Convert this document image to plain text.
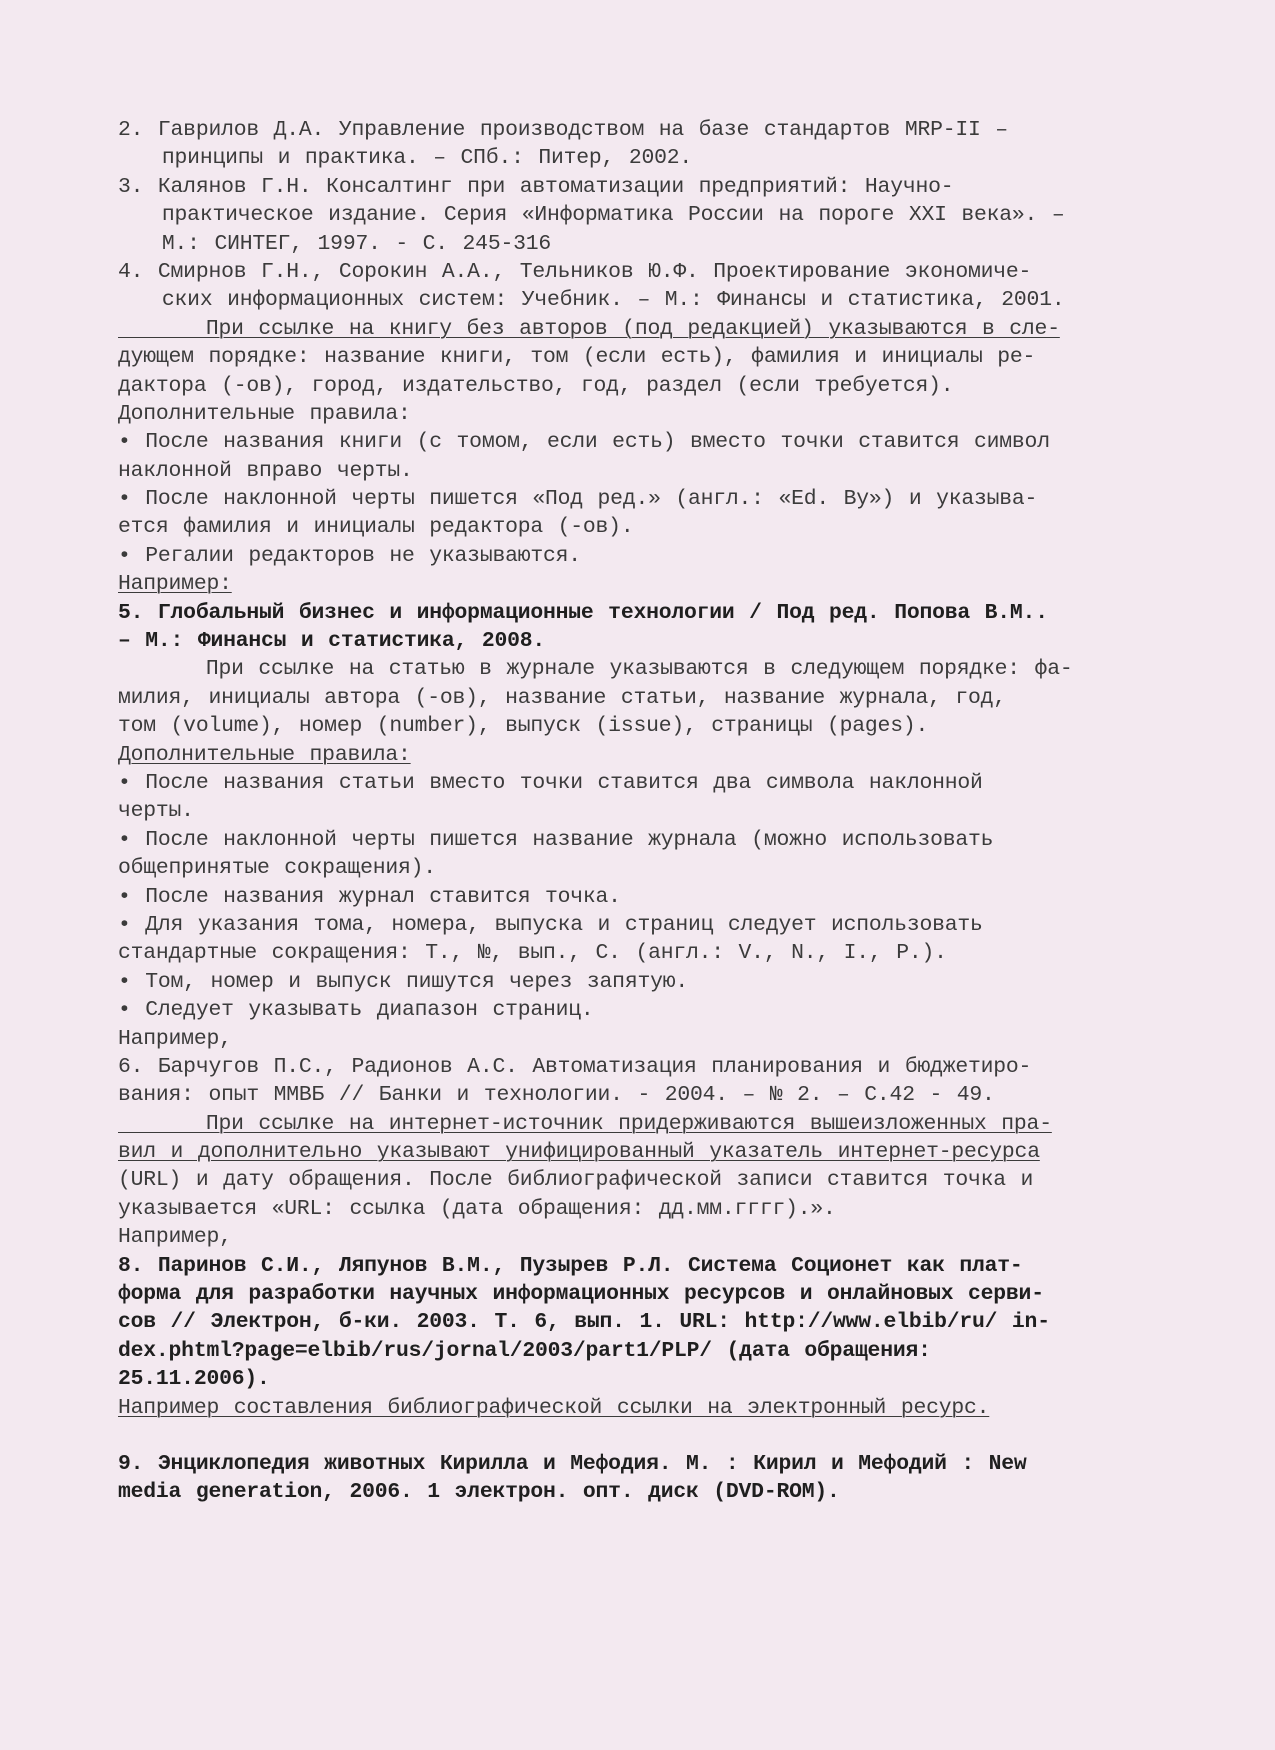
2. Гаврилов Д.А. Управление производством на базе стандартов MRP-II –
принципы и практика. – СПб.: Питер, 2002.
3. Калянов Г.Н. Консалтинг при автоматизации предприятий: Научно-
практическое издание. Серия «Информатика России на пороге XXI века». –
М.: СИНТЕГ, 1997. - С. 245-316
4. Смирнов Г.Н., Сорокин А.А., Тельников Ю.Ф. Проектирование экономиче-
ских информационных систем: Учебник. – М.: Финансы и статистика, 2001.
При ссылке на книгу без авторов (под редакцией) указываются в сле-
дующем порядке: название книги, том (если есть), фамилия и инициалы ре-
дактора (-ов), город, издательство, год, раздел (если требуется).
Дополнительные правила:
• После названия книги (с томом, если есть) вместо точки ставится символ
наклонной вправо черты.
• После наклонной черты пишется «Под ред.» (англ.: «Ed. By») и указыва-
ется фамилия и инициалы редактора (-ов).
• Регалии редакторов не указываются.
Например:
5. Глобальный бизнес и информационные технологии / Под ред. Попова В.М..
– М.: Финансы и статистика, 2008.
При ссылке на статью в журнале указываются в следующем порядке: фа-
милия, инициалы автора (-ов), название статьи, название журнала, год,
том (volume), номер (number), выпуск (issue), страницы (pages).
Дополнительные правила:
• После названия статьи вместо точки ставится два символа наклонной
черты.
• После наклонной черты пишется название журнала (можно использовать
общепринятые сокращения).
• После названия журнал ставится точка.
• Для указания тома, номера, выпуска и страниц следует использовать
стандартные сокращения: Т., №, вып., С. (англ.: V., N., I., P.).
• Том, номер и выпуск пишутся через запятую.
• Следует указывать диапазон страниц.
Например,
6. Барчугов П.С., Радионов А.С. Автоматизация планирования и бюджетиро-
вания: опыт ММВБ // Банки и технологии. - 2004. – № 2. – С.42 - 49.
При ссылке на интернет-источник придерживаются вышеизложенных пра-
вил и дополнительно указывают унифицированный указатель интернет-ресурса
(URL) и дату обращения. После библиографической записи ставится точка и
указывается «URL: ссылка (дата обращения: дд.мм.гггг).».
Например,
8. Паринов С.И., Ляпунов В.М., Пузырев Р.Л. Система Соционет как плат-
форма для разработки научных информационных ресурсов и онлайновых серви-
сов // Электрон, б-ки. 2003. Т. 6, вып. 1. URL: http://www.elbib/ru/ in-
dex.phtml?page=elbib/rus/jornal/2003/part1/PLP/ (дата обращения:
25.11.2006).
Например составления библиографической ссылки на электронный ресурс.
9. Энциклопедия животных Кирилла и Мефодия. М. : Кирил и Мефодий : New
media generation, 2006. 1 электрон. опт. диск (DVD-ROM).
